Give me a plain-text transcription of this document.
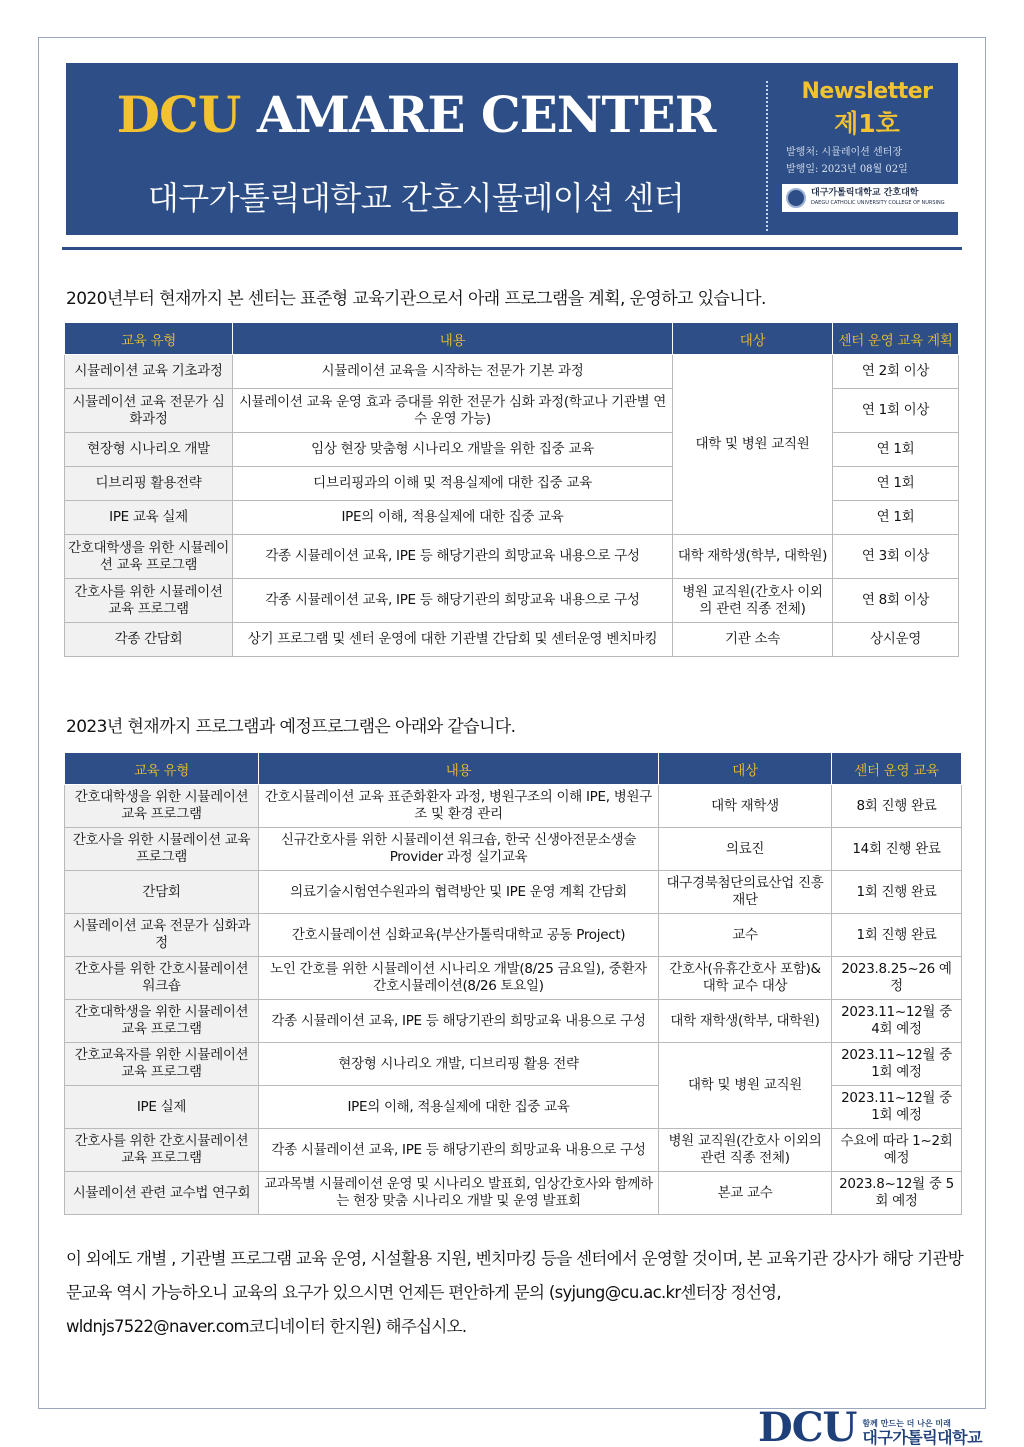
DCU AMARE CENTER
대구가톨릭대학교 간호시뮬레이션 센터
Newsletter
제1호
발행처: 시뮬레이션 센터장
발행일: 2023년 08월 02일
대구가톨릭대학교 간호대학
DAEGU CATHOLIC UNIVERSITY COLLEGE OF NURSING
2020년부터 현재까지 본 센터는 표준형 교육기관으로서 아래 프로그램을 계획, 운영하고 있습니다.
교육 유형	내용	대상	센터 운영 교육 계획
시뮬레이션 교육 기초과정	시뮬레이션 교육을 시작하는 전문가 기본 과정	대학 및 병원 교직원	연 2회 이상
시뮬레이션 교육 전문가 심화과정	시뮬레이션 교육 운영 효과 증대를 위한 전문가 심화 과정(학교나 기관별 연수 운영 가능)		연 1회 이상
현장형 시나리오 개발	임상 현장 맞춤형 시나리오 개발을 위한 집중 교육		연 1회
디브리핑 활용전략	디브리핑과의 이해 및 적용실제에 대한 집중 교육		연 1회
IPE 교육 실제	IPE의 이해, 적용실제에 대한 집중 교육		연 1회
간호대학생을 위한 시뮬레이션 교육 프로그램	각종 시뮬레이션 교육, IPE 등 해당기관의 희망교육 내용으로 구성	대학 재학생(학부, 대학원)	연 3회 이상
간호사를 위한 시뮬레이션 교육 프로그램	각종 시뮬레이션 교육, IPE 등 해당기관의 희망교육 내용으로 구성	병원 교직원(간호사 이외의 관련 직종 전체)	연 8회 이상
각종 간담회	상기 프로그램 및 센터 운영에 대한 기관별 간담회 및 센터운영 벤치마킹	기관 소속	상시운영
2023년 현재까지 프로그램과 예정프로그램은 아래와 같습니다.
교육 유형	내용	대상	센터 운영 교육
간호대학생을 위한 시뮬레이션 교육 프로그램	간호시뮬레이션 교육 표준화환자 과정, 병원구조의 이해 IPE, 병원구조 및 환경 관리	대학 재학생	8회 진행 완료
간호사을 위한 시뮬레이션 교육 프로그램	신규간호사를 위한 시뮬레이션 워크숍, 한국 신생아전문소생술 Provider 과정 실기교육	의료진	14회 진행 완료
간담회	의료기술시험연수원과의 협력방안 및 IPE 운영 계획 간담회	대구경북첨단의료산업 진흥재단	1회 진행 완료
시뮬레이션 교육 전문가 심화과정	간호시뮬레이션 심화교육(부산가톨릭대학교 공동 Project)	교수	1회 진행 완료
간호사를 위한 간호시뮬레이션 워크숍	노인 간호를 위한 시뮬레이션 시나리오 개발(8/25 금요일), 중환자 간호시뮬레이션(8/26 토요일)	간호사(유휴간호사 포함)& 대학 교수 대상	2023.8.25~26 예정
간호대학생을 위한 시뮬레이션 교육 프로그램	각종 시뮬레이션 교육, IPE 등 해당기관의 희망교육 내용으로 구성	대학 재학생(학부, 대학원)	2023.11~12월 중 4회 예정
간호교육자를 위한 시뮬레이션 교육 프로그램	현장형 시나리오 개발, 디브리핑 활용 전략	대학 및 병원 교직원	2023.11~12월 중 1회 예정
IPE 실제	IPE의 이해, 적용실제에 대한 집중 교육		2023.11~12월 중 1회 예정
간호사를 위한 간호시뮬레이션 교육 프로그램	각종 시뮬레이션 교육, IPE 등 해당기관의 희망교육 내용으로 구성	병원 교직원(간호사 이외의 관련 직종 전체)	수요에 따라 1~2회 예정
시뮬레이션 관련 교수법 연구회	교과목별 시뮬레이션 운영 및 시나리오 발표회, 임상간호사와 함께하는 현장 맞춤 시나리오 개발 및 운영 발표회	본교 교수	2023.8~12월 중 5회 예정
이 외에도 개별 , 기관별 프로그램 교육 운영, 시설활용 지원, 벤치마킹 등을 센터에서 운영할 것이며, 본 교육기관 강사가 해당 기관방문교육 역시 가능하오니 교육의 요구가 있으시면 언제든 편안하게 문의 (syjung@cu.ac.kr센터장 정선영, wldnjs7522@naver.com코디네이터 한지원) 해주십시오.
DCU 함께 만드는 더 나은 미래
대구가톨릭대학교
